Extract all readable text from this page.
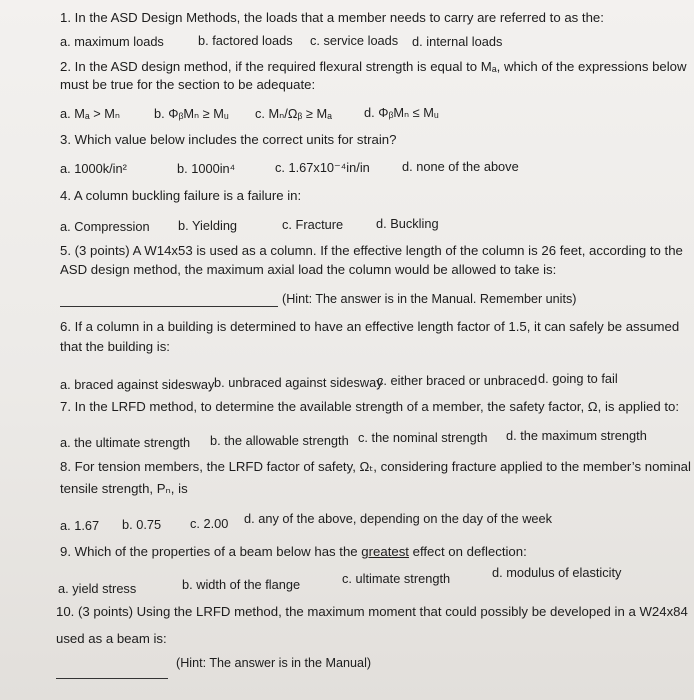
1. In the ASD Design Methods, the loads that a member needs to carry are referred to as the:
a. maximum loads	b. factored loads c. service loads d. internal loads
2. In the ASD design method, if the required flexural strength is equal to Mₐ, which of the expressions below
must be true for the section to be adequate:
a. Mₐ > Mₙ	b. ΦᵦMₙ ≥ Mᵤ c. Mₙ/Ωᵦ ≥ Mₐ	d. ΦᵦMₙ ≤ Mᵤ
3. Which value below includes the correct units for strain?
a. 1000k/in²	b. 1000in⁴	c. 1.67x10⁻⁴in/in	d. none of the above
4. A column buckling failure is a failure in:
a. Compression b. Yielding	c. Fracture	d. Buckling
5. (3 points) A W14x53 is used as a column. If the effective length of the column is 26 feet, according to the
ASD design method, the maximum axial load the column would be allowed to take is:
(Hint: The answer is in the Manual. Remember units)
6. If a column in a building is determined to have an effective length factor of 1.5, it can safely be assumed
that the building is:
a. braced against sidesway b. unbraced against sidesway
c. either braced or unbraced d. going to fail
7. In the LRFD method, to determine the available strength of a member, the safety factor, Ω, is applied to:
a. the ultimate strength b. the allowable strength c. the nominal strength d. the maximum strength
8. For tension members, the LRFD factor of safety, Ωₜ, considering fracture applied to the member’s nominal
tensile strength, Pₙ, is
a. 1.67 b. 0.75 c. 2.00 d. any of the above, depending on the day of the week
9. Which of the properties of a beam below has the greatest effect on deflection:
a. yield stress	b. width of the flange	c. ultimate strength	d. modulus of elasticity
10. (3 points) Using the LRFD method, the maximum moment that could possibly be developed in a W24x84
used as a beam is:
(Hint: The answer is in the Manual)
